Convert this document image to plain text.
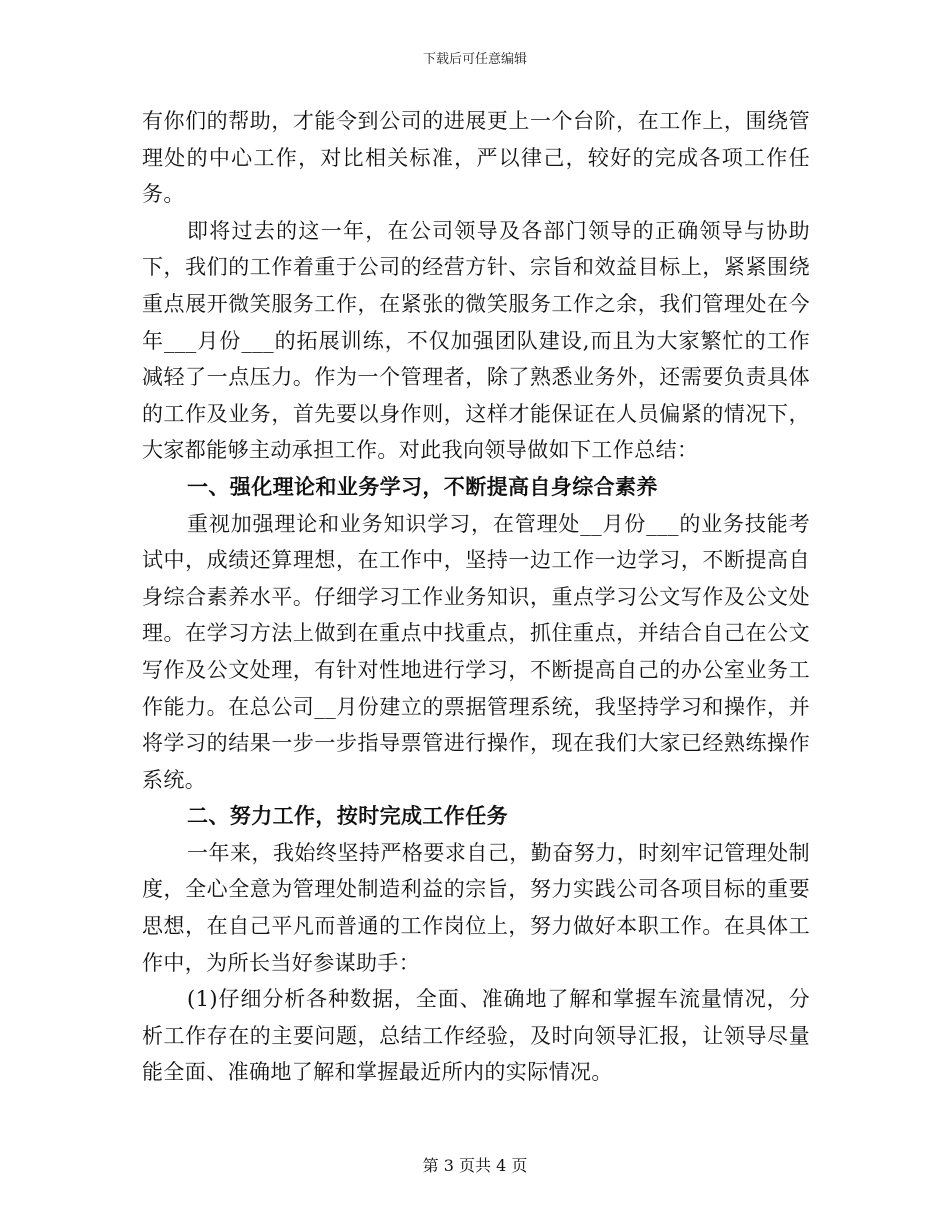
下载后可任意编辑

有你们的帮助，才能令到公司的进展更上一个台阶，在工作上，围绕管理处的中心工作，对比相关标准，严以律己，较好的完成各项工作任务。

即将过去的这一年，在公司领导及各部门领导的正确领导与协助下，我们的工作着重于公司的经营方针、宗旨和效益目标上，紧紧围绕重点展开微笑服务工作，在紧张的微笑服务工作之余，我们管理处在今年___月份___的拓展训练，不仅加强团队建设,而且为大家繁忙的工作减轻了一点压力。作为一个管理者，除了熟悉业务外，还需要负责具体的工作及业务，首先要以身作则，这样才能保证在人员偏紧的情况下，大家都能够主动承担工作。对此我向领导做如下工作总结：

一、强化理论和业务学习，不断提高自身综合素养

重视加强理论和业务知识学习，在管理处__月份___的业务技能考试中，成绩还算理想，在工作中，坚持一边工作一边学习，不断提高自身综合素养水平。仔细学习工作业务知识，重点学习公文写作及公文处理。在学习方法上做到在重点中找重点，抓住重点，并结合自己在公文写作及公文处理，有针对性地进行学习，不断提高自己的办公室业务工作能力。在总公司__月份建立的票据管理系统，我坚持学习和操作，并将学习的结果一步一步指导票管进行操作，现在我们大家已经熟练操作系统。

二、努力工作，按时完成工作任务

一年来，我始终坚持严格要求自己，勤奋努力，时刻牢记管理处制度，全心全意为管理处制造利益的宗旨，努力实践公司各项目标的重要思想，在自己平凡而普通的工作岗位上，努力做好本职工作。在具体工作中，为所长当好参谋助手：

(1)仔细分析各种数据，全面、准确地了解和掌握车流量情况，分析工作存在的主要问题，总结工作经验，及时向领导汇报，让领导尽量能全面、准确地了解和掌握最近所内的实际情况。

第 3 页共 4 页
